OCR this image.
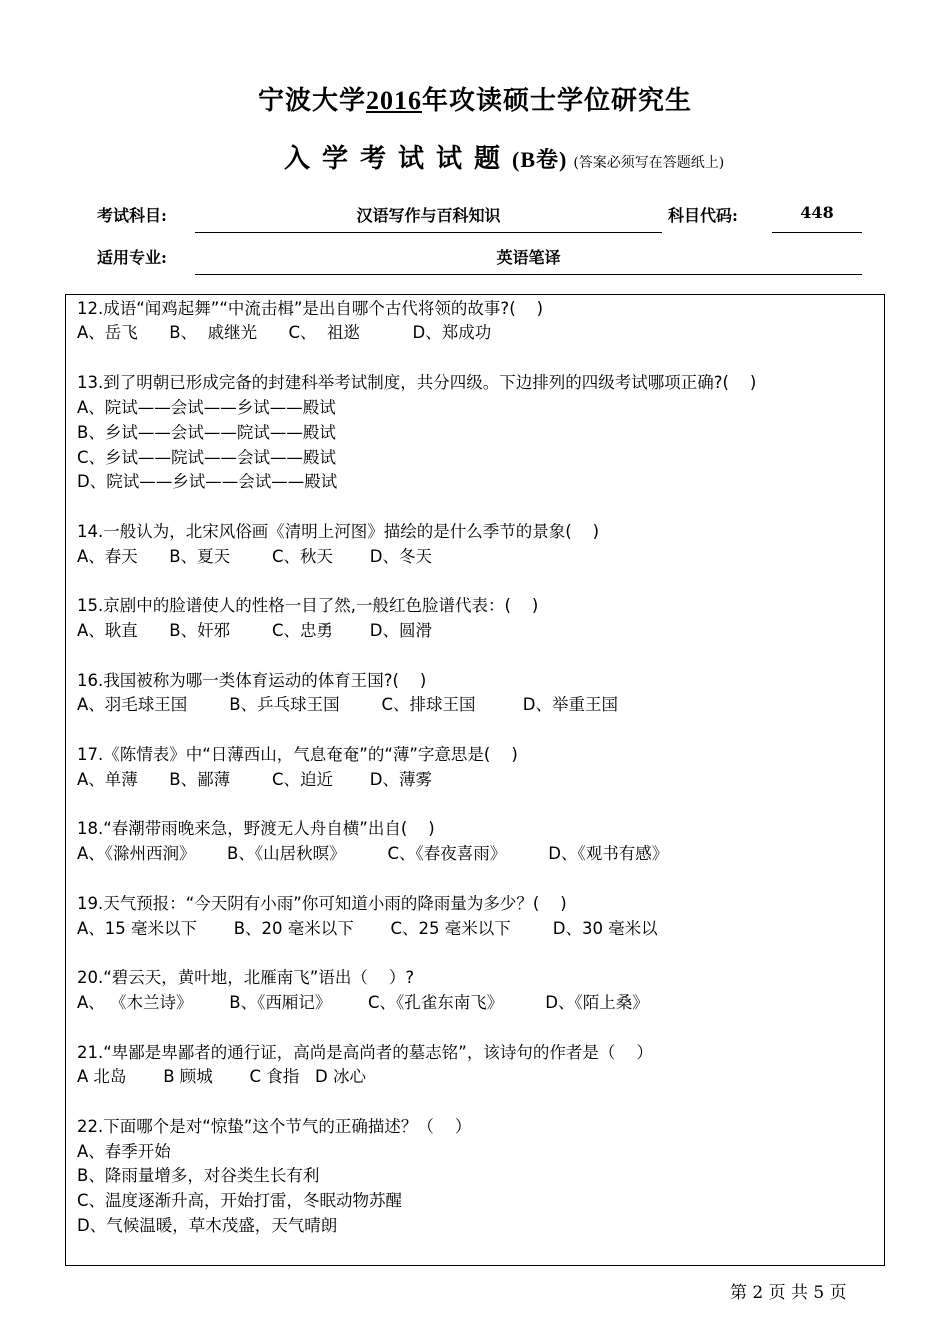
宁波大学2016年攻读硕士学位研究生
入学考试试题(B卷) (答案必须写在答题纸上)
考试科目:	汉语写作与百科知识	科目代码:	448
适用专业:	英语笔译
12.成语“闻鸡起舞”“中流击楫”是出自哪个古代将领的故事?(    )
A、岳飞      B、  戚继光      C、  祖逖          D、郑成功
13.到了明朝已形成完备的封建科举考试制度，共分四级。下边排列的四级考试哪项正确?(    )
A、院试——会试——乡试——殿试
B、乡试——会试——院试——殿试
C、乡试——院试——会试——殿试
D、院试——乡试——会试——殿试
14.一般认为，北宋风俗画《清明上河图》描绘的是什么季节的景象(    )
A、春天      B、夏天        C、秋天       D、冬天
15.京剧中的脸谱使人的性格一目了然,一般红色脸谱代表：(    )
A、耿直      B、奸邪        C、忠勇       D、圆滑
16.我国被称为哪一类体育运动的体育王国?(    )
A、羽毛球王国        B、乒乓球王国        C、排球王国         D、举重王国
17.《陈情表》中“日薄西山，气息奄奄”的“薄”字意思是(    )
A、单薄      B、鄙薄        C、迫近       D、薄雾
18.“春潮带雨晚来急，野渡无人舟自横”出自(    )
A、《滁州西涧》      B、《山居秋暝》        C、《春夜喜雨》        D、《观书有感》
19.天气预报：“今天阴有小雨”你可知道小雨的降雨量为多少？(    )
A、15 毫米以下       B、20 毫米以下       C、25 毫米以下        D、30 毫米以
20.“碧云天，黄叶地，北雁南飞”语出（    ）?
A、 《木兰诗》       B、《西厢记》       C、《孔雀东南飞》        D、《陌上桑》
21.“卑鄙是卑鄙者的通行证，高尚是高尚者的墓志铭”，该诗句的作者是（    ）
A 北岛       B 顾城       C 食指   D 冰心
22.下面哪个是对“惊蛰”这个节气的正确描述？（    ）
A、春季开始
B、降雨量增多，对谷类生长有利
C、温度逐渐升高，开始打雷，冬眠动物苏醒
D、气候温暖，草木茂盛，天气晴朗
第 2 页 共 5 页
